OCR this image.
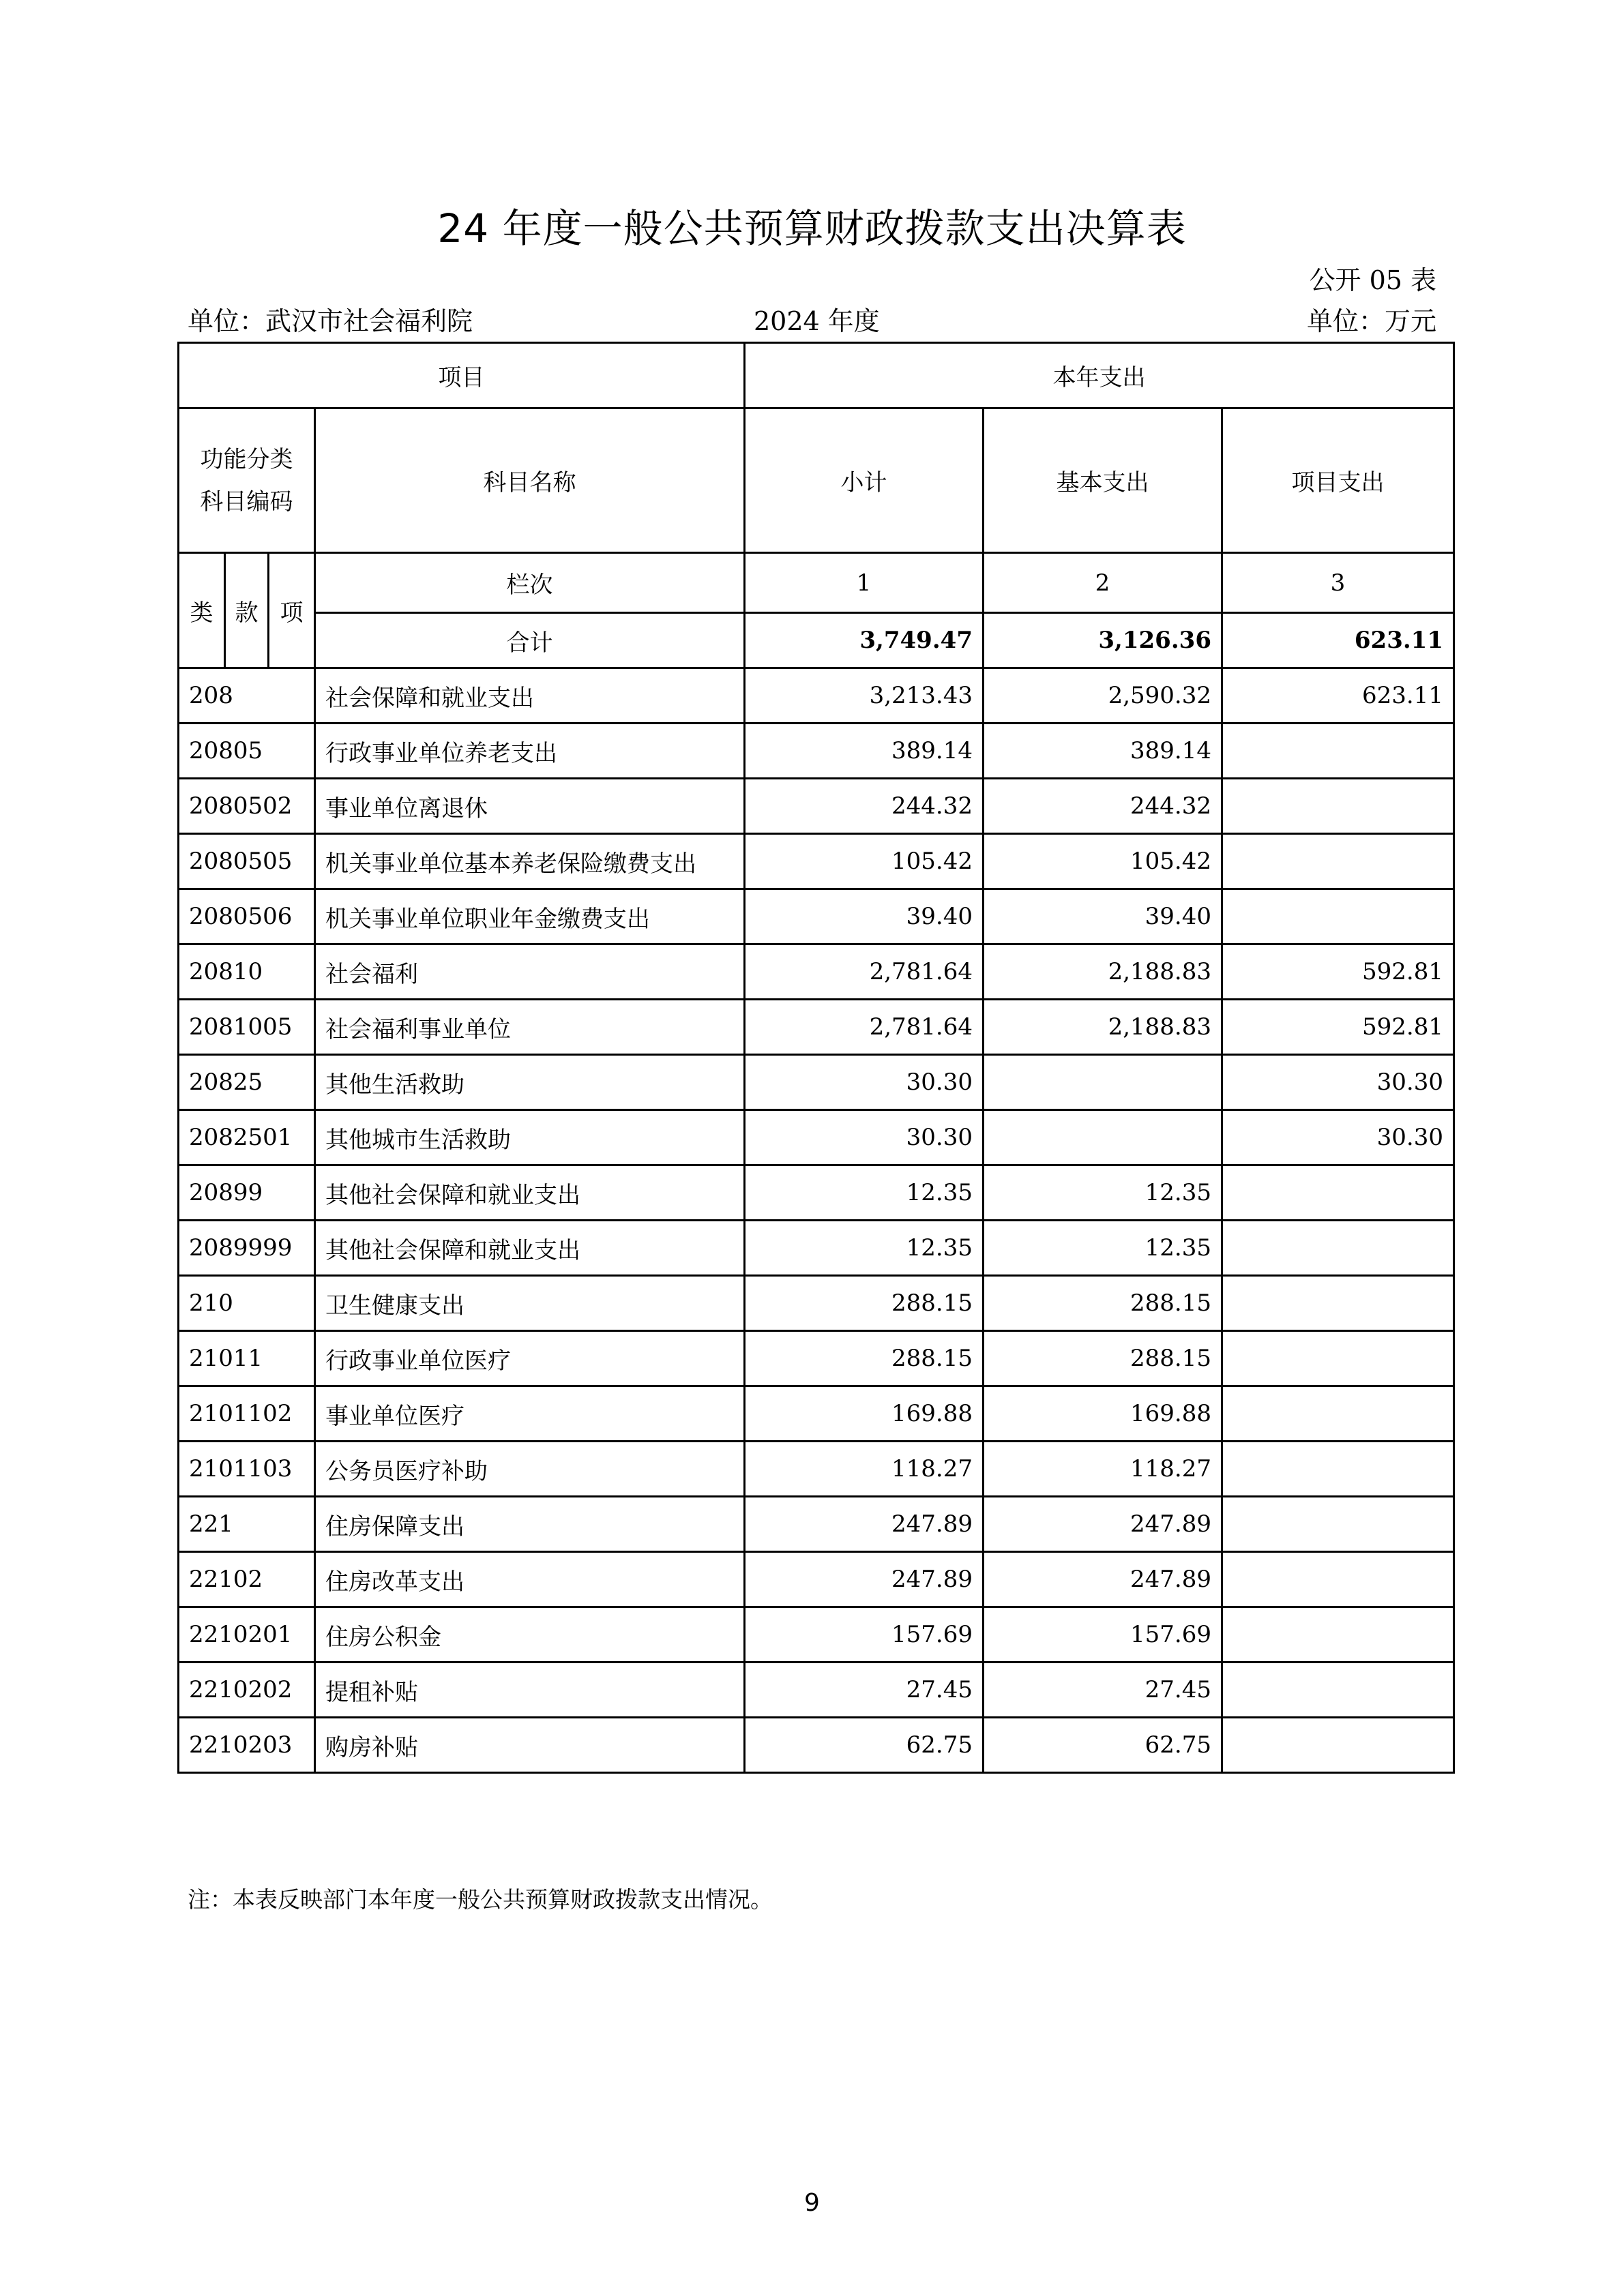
24 年度一般公共预算财政拨款支出决算表
公开 05 表
单位：武汉市社会福利院	2024 年度	单位：万元
项目				本年支出		
功能分类
科目编码			科目名称	小计	基本支出	项目支出
类	款	项	栏次	1	2	3
			合计	3,749.47	3,126.36	623.11
208			社会保障和就业支出	3,213.43	2,590.32	623.11
20805			行政事业单位养老支出	389.14	389.14	
2080502			事业单位离退休	244.32	244.32	
2080505			机关事业单位基本养老保险缴费支出	105.42	105.42	
2080506			机关事业单位职业年金缴费支出	39.40	39.40	
20810			社会福利	2,781.64	2,188.83	592.81
2081005			社会福利事业单位	2,781.64	2,188.83	592.81
20825			其他生活救助	30.30		30.30
2082501			其他城市生活救助	30.30		30.30
20899			其他社会保障和就业支出	12.35	12.35	
2089999			其他社会保障和就业支出	12.35	12.35	
210			卫生健康支出	288.15	288.15	
21011			行政事业单位医疗	288.15	288.15	
2101102			事业单位医疗	169.88	169.88	
2101103			公务员医疗补助	118.27	118.27	
221			住房保障支出	247.89	247.89	
22102			住房改革支出	247.89	247.89	
2210201			住房公积金	157.69	157.69	
2210202			提租补贴	27.45	27.45	
2210203			购房补贴	62.75	62.75	
注：本表反映部门本年度一般公共预算财政拨款支出情况。
9
